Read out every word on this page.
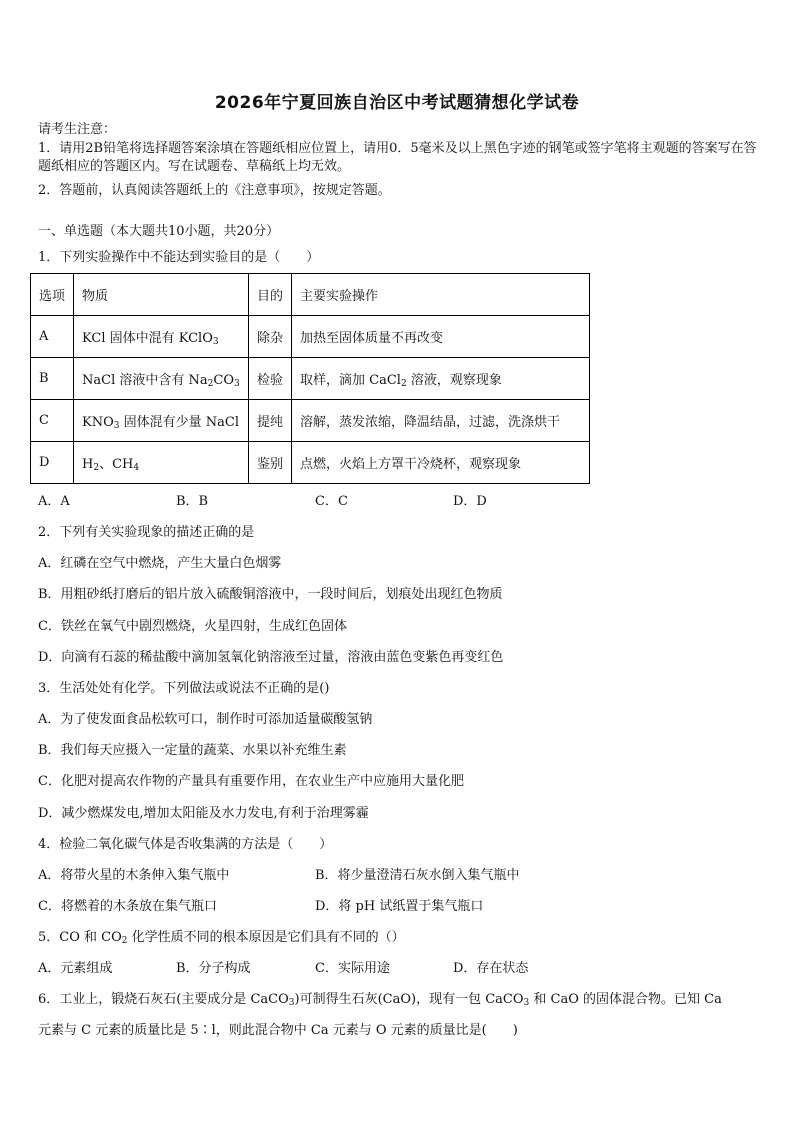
2026年宁夏回族自治区中考试题猜想化学试卷
请考生注意：
1．请用2B铅笔将选择题答案涂填在答题纸相应位置上，请用0．5毫米及以上黑色字迹的钢笔或签字笔将主观题的答案写在答题纸相应的答题区内。写在试题卷、草稿纸上均无效。
2．答题前，认真阅读答题纸上的《注意事项》，按规定答题。
一、单选题（本大题共10小题，共20分）
1．下列实验操作中不能达到实验目的是（　　）
选项	物质	目的	主要实验操作
A	KCl 固体中混有 KClO$_3$	除杂	加热至固体质量不再改变
B	NaCl 溶液中含有 $Na_2CO_3$	检验	取样，滴加 CaCl$_2$ 溶液，观察现象
C	$KNO_3$ 固体混有少量 NaCl	提纯	溶解，蒸发浓缩，降温结晶，过滤，洗涤烘干
D	$H_2$、$CH_4$	鉴别	点燃，火焰上方罩干冷烧杯，观察现象
A．A	B．B	C．C	D．D
2．下列有关实验现象的描述正确的是
A．红磷在空气中燃烧，产生大量白色烟雾
B．用粗砂纸打磨后的铝片放入硫酸铜溶液中，一段时间后，划痕处出现红色物质
C．铁丝在氧气中剧烈燃烧，火星四射，生成红色固体
D．向滴有石蕊的稀盐酸中滴加氢氧化钠溶液至过量，溶液由蓝色变紫色再变红色
3．生活处处有化学。下列做法或说法不正确的是()
A．为了使发面食品松软可口，制作时可添加适量碳酸氢钠
B．我们每天应摄入一定量的蔬菜、水果以补充维生素
C．化肥对提高农作物的产量具有重要作用，在农业生产中应施用大量化肥
D．减少燃煤发电,增加太阳能及水力发电,有利于治理雾霾
4．检验二氧化碳气体是否收集满的方法是（　　）
A．将带火星的木条伸入集气瓶中	B．将少量澄清石灰水倒入集气瓶中
C．将燃着的木条放在集气瓶口	D．将 pH 试纸置于集气瓶口
5．CO 和 $CO_2$ 化学性质不同的根本原因是它们具有不同的（）
A．元素组成	B．分子构成	C．实际用途	D．存在状态
6．工业上，锻烧石灰石(主要成分是 CaCO$_3$)可制得生石灰(CaO)，现有一包 CaCO$_3$ 和 CaO 的固体混合物。已知 Ca
元素与 C 元素的质量比是 5∶l，则此混合物中 Ca 元素与 O 元素的质量比是(　　)
